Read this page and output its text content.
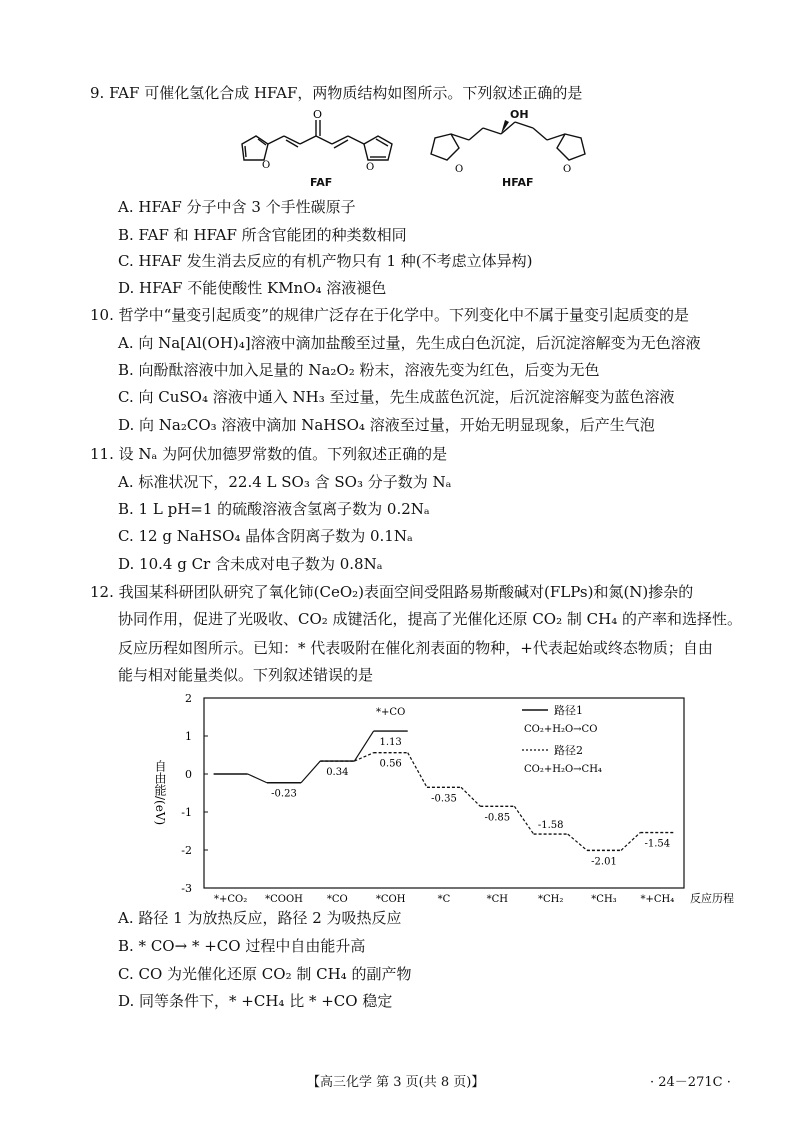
9. FAF 可催化氢化合成 HFAF，两物质结构如图所示。下列叙述正确的是
O
O	O	O	O
OH
FAF	HFAF
A. HFAF 分子中含 3 个手性碳原子
B. FAF 和 HFAF 所含官能团的种类数相同
C. HFAF 发生消去反应的有机产物只有 1 种(不考虑立体异构)
D. HFAF 不能使酸性 KMnO₄ 溶液褪色
10. 哲学中“量变引起质变”的规律广泛存在于化学中。下列变化中不属于量变引起质变的是
A. 向 Na[Al(OH)₄]溶液中滴加盐酸至过量，先生成白色沉淀，后沉淀溶解变为无色溶液
B. 向酚酞溶液中加入足量的 Na₂O₂ 粉末，溶液先变为红色，后变为无色
C. 向 CuSO₄ 溶液中通入 NH₃ 至过量，先生成蓝色沉淀，后沉淀溶解变为蓝色溶液
D. 向 Na₂CO₃ 溶液中滴加 NaHSO₄ 溶液至过量，开始无明显现象，后产生气泡
11. 设 Nₐ 为阿伏加德罗常数的值。下列叙述正确的是
A. 标准状况下，22.4 L SO₃ 含 SO₃ 分子数为 Nₐ
B. 1 L pH=1 的硫酸溶液含氢离子数为 0.2Nₐ
C. 12 g NaHSO₄ 晶体含阴离子数为 0.1Nₐ
D. 10.4 g Cr 含未成对电子数为 0.8Nₐ
12. 我国某科研团队研究了氧化铈(CeO₂)表面空间受阻路易斯酸碱对(FLPs)和氮(N)掺杂的
协同作用，促进了光吸收、CO₂ 成键活化，提高了光催化还原 CO₂ 制 CH₄ 的产率和选择性。
反应历程如图所示。已知：* 代表吸附在催化剂表面的物种，+代表起始或终态物质；自由
能与相对能量类似。下列叙述错误的是
2
1
0
-1
-2
-3
*+CO₂ *COOH *CO	*COH	*C	*CH	*CH₂	*CH₃ *+CH₄
-0.23
0.34
1.13
0.56
-0.35
-0.85
-1.58
-2.01
-1.54
*+CO
自由能/(eV)
路径1
CO₂+H₂O→CO
路径2
CO₂+H₂O→CH₄
反应历程
A. 路径 1 为放热反应，路径 2 为吸热反应
B. * CO→ * +CO 过程中自由能升高
C. CO 为光催化还原 CO₂ 制 CH₄ 的副产物
D. 同等条件下，* +CH₄ 比 * +CO 稳定
【高三化学 第 3 页(共 8 页)】	· 24－271C ·
